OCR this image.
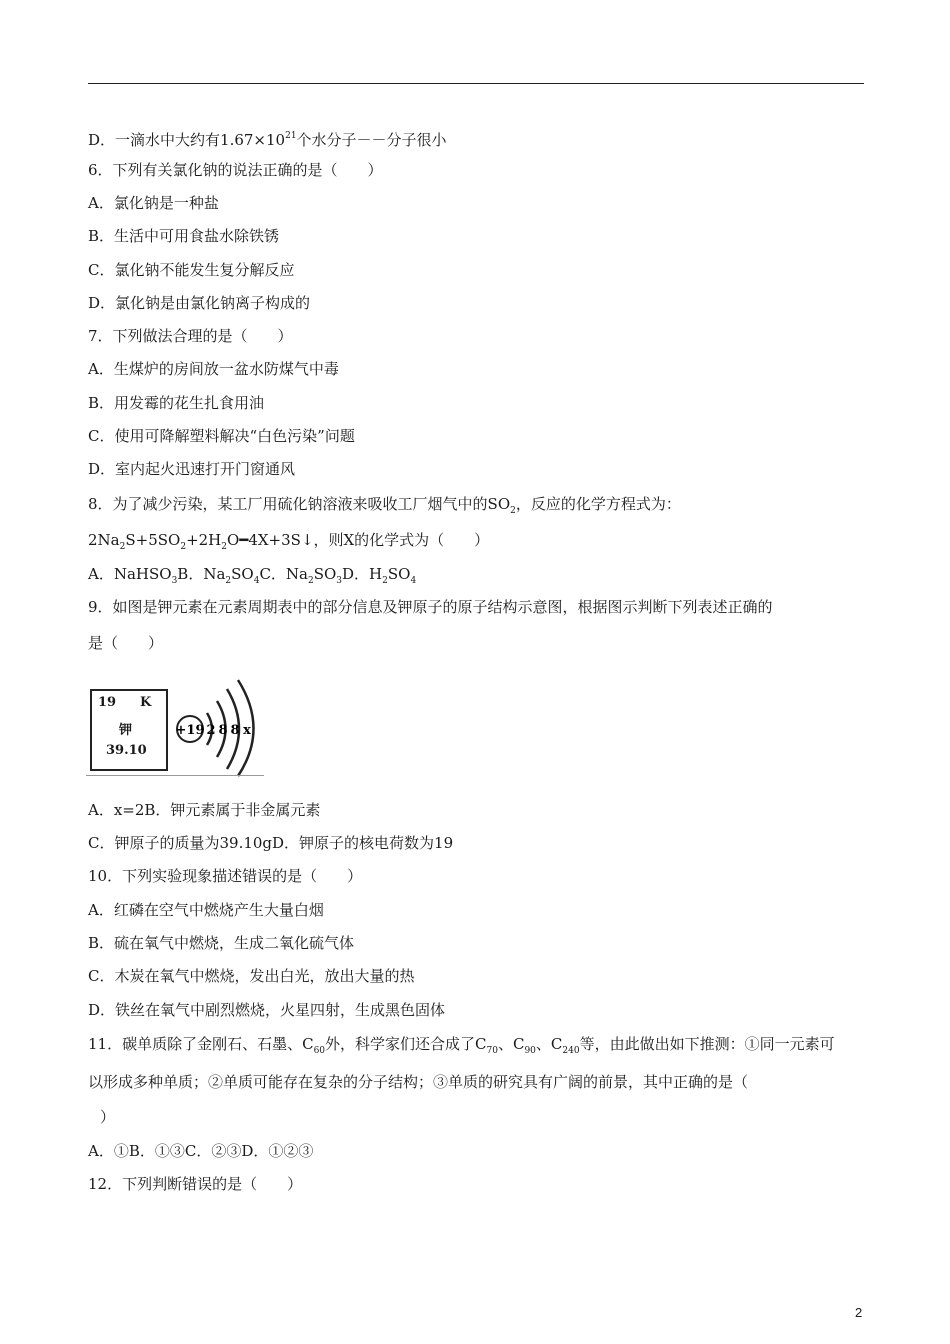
D．一滴水中大约有$1.67\times 10^{21}$个水分子－－分子很小
6．下列有关氯化钠的说法正确的是（　　）
A．氯化钠是一种盐
B．生活中可用食盐水除铁锈
C．氯化钠不能发生复分解反应
D．氯化钠是由氯化钠离子构成的
7．下列做法合理的是（　　）
A．生煤炉的房间放一盆水防煤气中毒
B．用发霉的花生扎食用油
C．使用可降解塑料解决“白色污染”问题
D．室内起火迅速打开门窗通风
8．为了减少污染，某工厂用硫化钠溶液来吸收工厂烟气中的$SO_2$，反应的化学方程式为：
$2Na_2S+5SO_2+2H_2O━4X+3S↓$，则X的化学式为（　　）
A．NaHSO$_3$B．$Na_2SO_4C$．$Na_2SO_3D$．$H_2SO_4$
9．如图是钾元素在元素周期表中的部分信息及钾原子的原子结构示意图，根据图示判断下列表述正确的
是（　　）
19 K
钾
39.10
+19 2 8 8 x
A．x=2B．钾元素属于非金属元素
C．钾原子的质量为39.10gD．钾原子的核电荷数为19
10．下列实验现象描述错误的是（　　）
A．红磷在空气中燃烧产生大量白烟
B．硫在氧气中燃烧，生成二氧化硫气体
C．木炭在氧气中燃烧，发出白光，放出大量的热
D．铁丝在氧气中剧烈燃烧，火星四射，生成黑色固体
11．碳单质除了金刚石、石墨、$C_{60}$外，科学家们还合成了$C_{70}$、$C_{90}$、$C_{240}$等，由此做出如下推测：①同一元素可
以形成多种单质；②单质可能存在复杂的分子结构；③单质的研究具有广阔的前景，其中正确的是（
）
A．①B．①③C．②③D．①②③
12．下列判断错误的是（　　）
2
